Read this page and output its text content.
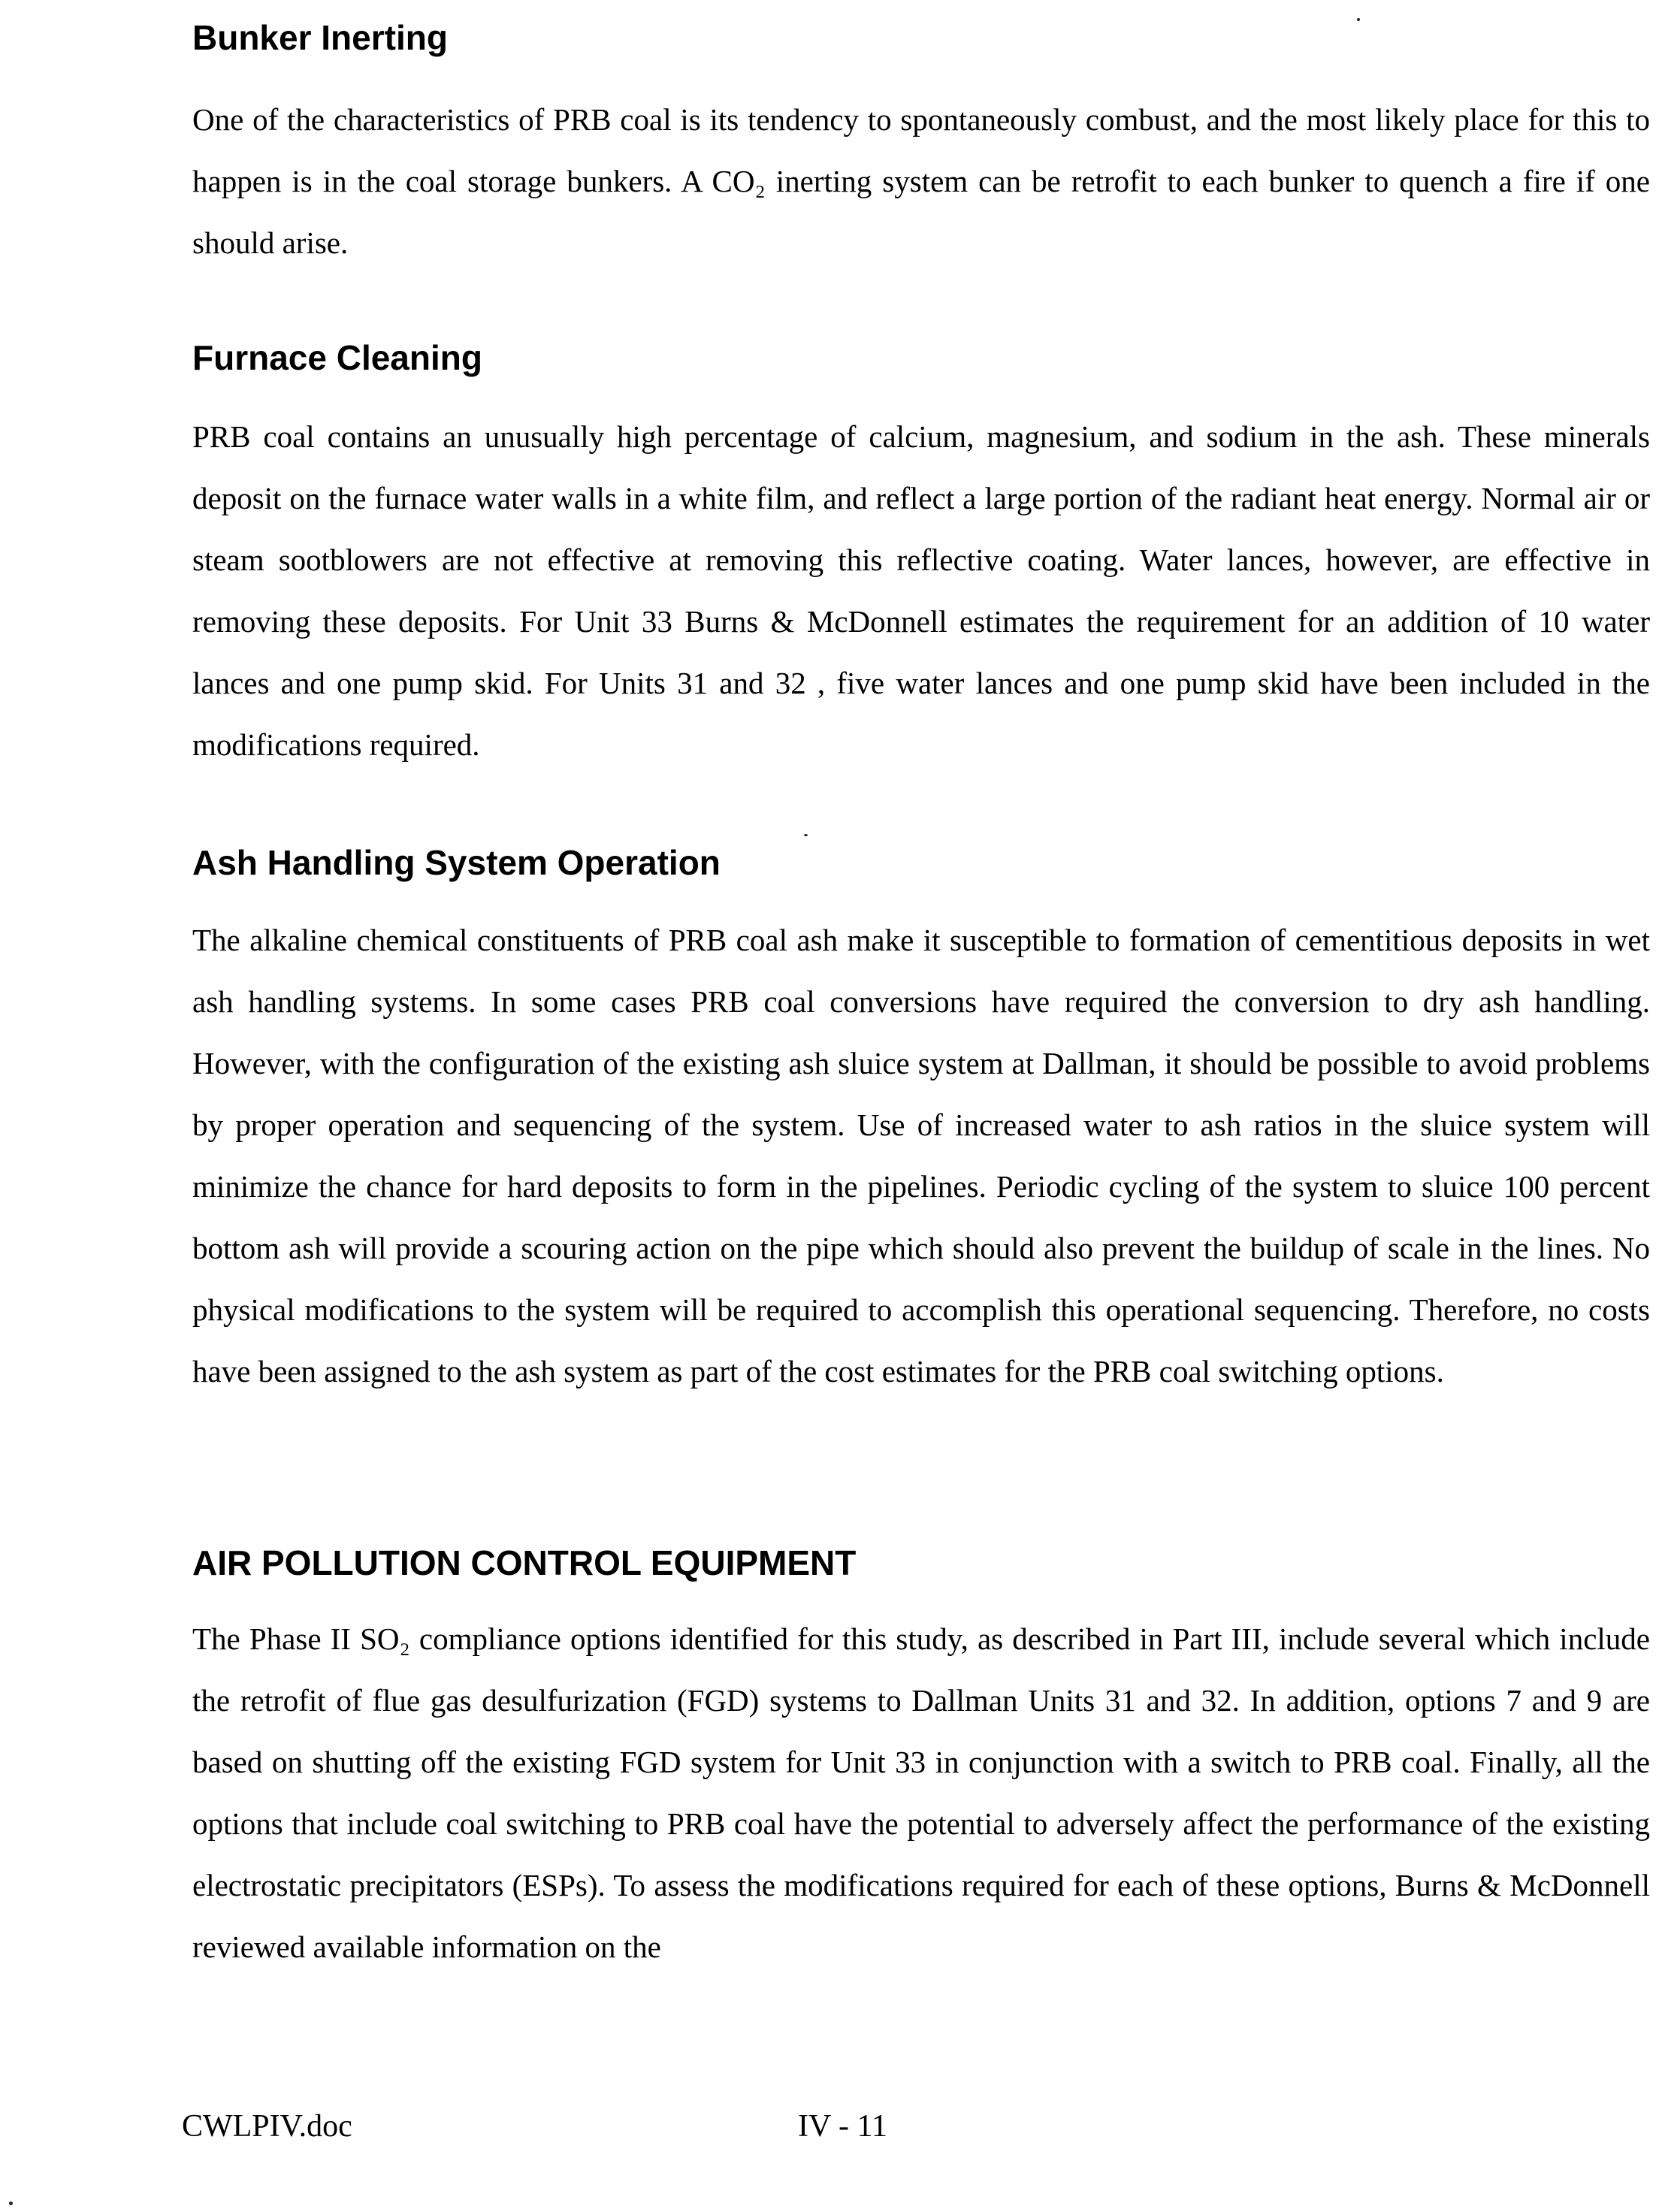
Bunker Inerting

One of the characteristics of PRB coal is its tendency to spontaneously combust, and the most likely place for this to happen is in the coal storage bunkers. A CO₂ inerting system can be retrofit to each bunker to quench a fire if one should arise.

Furnace Cleaning

PRB coal contains an unusually high percentage of calcium, magnesium, and sodium in the ash. These minerals deposit on the furnace water walls in a white film, and reflect a large portion of the radiant heat energy. Normal air or steam sootblowers are not effective at removing this reflective coating. Water lances, however, are effective in removing these deposits. For Unit 33 Burns & McDonnell estimates the requirement for an addition of 10 water lances and one pump skid. For Units 31 and 32 , five water lances and one pump skid have been included in the modifications required.

Ash Handling System Operation

The alkaline chemical constituents of PRB coal ash make it susceptible to formation of cementitious deposits in wet ash handling systems. In some cases PRB coal conversions have required the conversion to dry ash handling. However, with the configuration of the existing ash sluice system at Dallman, it should be possible to avoid problems by proper operation and sequencing of the system. Use of increased water to ash ratios in the sluice system will minimize the chance for hard deposits to form in the pipelines. Periodic cycling of the system to sluice 100 percent bottom ash will provide a scouring action on the pipe which should also prevent the buildup of scale in the lines. No physical modifications to the system will be required to accomplish this operational sequencing. Therefore, no costs have been assigned to the ash system as part of the cost estimates for the PRB coal switching options.

AIR POLLUTION CONTROL EQUIPMENT

The Phase II SO₂ compliance options identified for this study, as described in Part III, include several which include the retrofit of flue gas desulfurization (FGD) systems to Dallman Units 31 and 32. In addition, options 7 and 9 are based on shutting off the existing FGD system for Unit 33 in conjunction with a switch to PRB coal. Finally, all the options that include coal switching to PRB coal have the potential to adversely affect the performance of the existing electrostatic precipitators (ESPs). To assess the modifications required for each of these options, Burns & McDonnell reviewed available information on the

CWLPIV.doc	IV - 11
